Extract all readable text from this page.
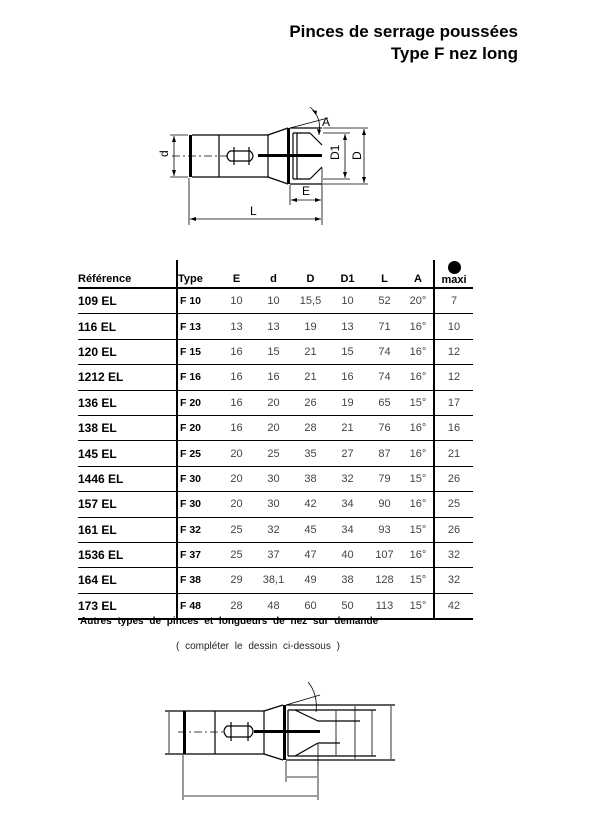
Pinces de serrage poussées
Type F nez long
d	D1 D
E
L
A
Référence	Type	E	d	D	D1	L	A	maxi
109 EL	F 10	10	10	15,5	10	52	20°	7
116 EL	F 13	13	13	19	13	71	16°	10
120 EL	F 15	16	15	21	15	74	16°	12
1212 EL	F 16	16	16	21	16	74	16°	12
136 EL	F 20	16	20	26	19	65	15°	17
138 EL	F 20	16	20	28	21	76	16°	16
145 EL	F 25	20	25	35	27	87	16°	21
1446 EL	F 30	20	30	38	32	79	15°	26
157 EL	F 30	20	30	42	34	90	16°	25
161 EL	F 32	25	32	45	34	93	15°	26
1536 EL	F 37	25	37	47	40	107	16°	32
164 EL	F 38	29	38,1	49	38	128	15°	32
173 EL	F 48	28	48	60	50	113	15°	42
Autres types de pinces et longueurs de nez sur demande
( compléter le dessin ci-dessous )
